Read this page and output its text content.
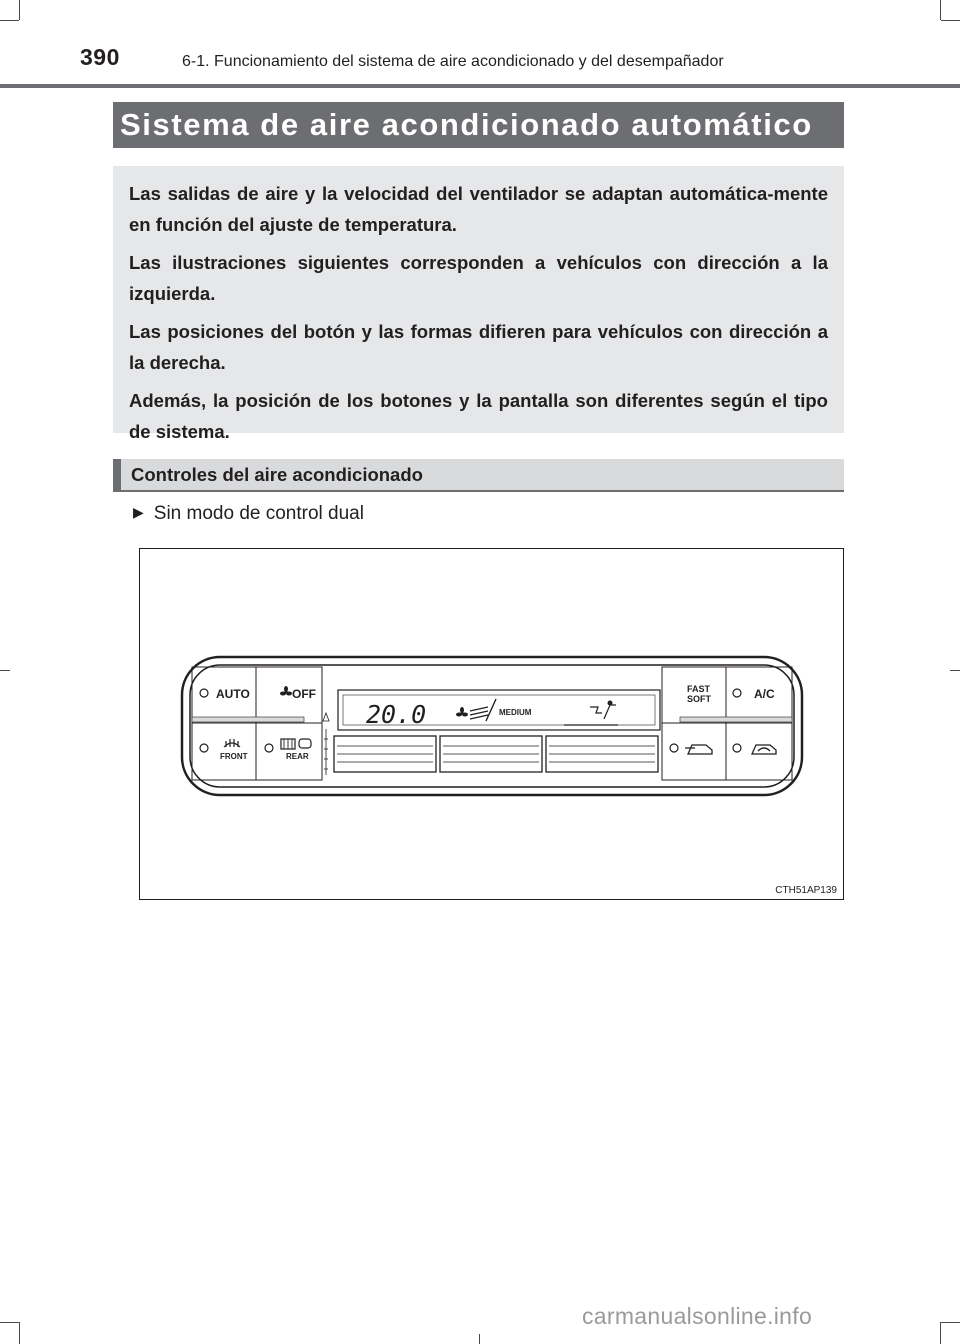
390	6-1. Funcionamiento del sistema de aire acondicionado y del desempañador
Sistema de aire acondicionado automático

Las salidas de aire y la velocidad del ventilador se adaptan automática-mente en función del ajuste de temperatura.

Las ilustraciones siguientes corresponden a vehículos con dirección a la izquierda.

Las posiciones del botón y las formas difieren para vehículos con dirección a la derecha.

Además, la posición de los botones y la pantalla son diferentes según el tipo de sistema.

Controles del aire acondicionado
▶ Sin modo de control dual
AUTO	OFF
FRONT	REAR
20.0	MEDIUM
FAST
SOFT	A/C
CTH51AP139
carmanualsonline.info
